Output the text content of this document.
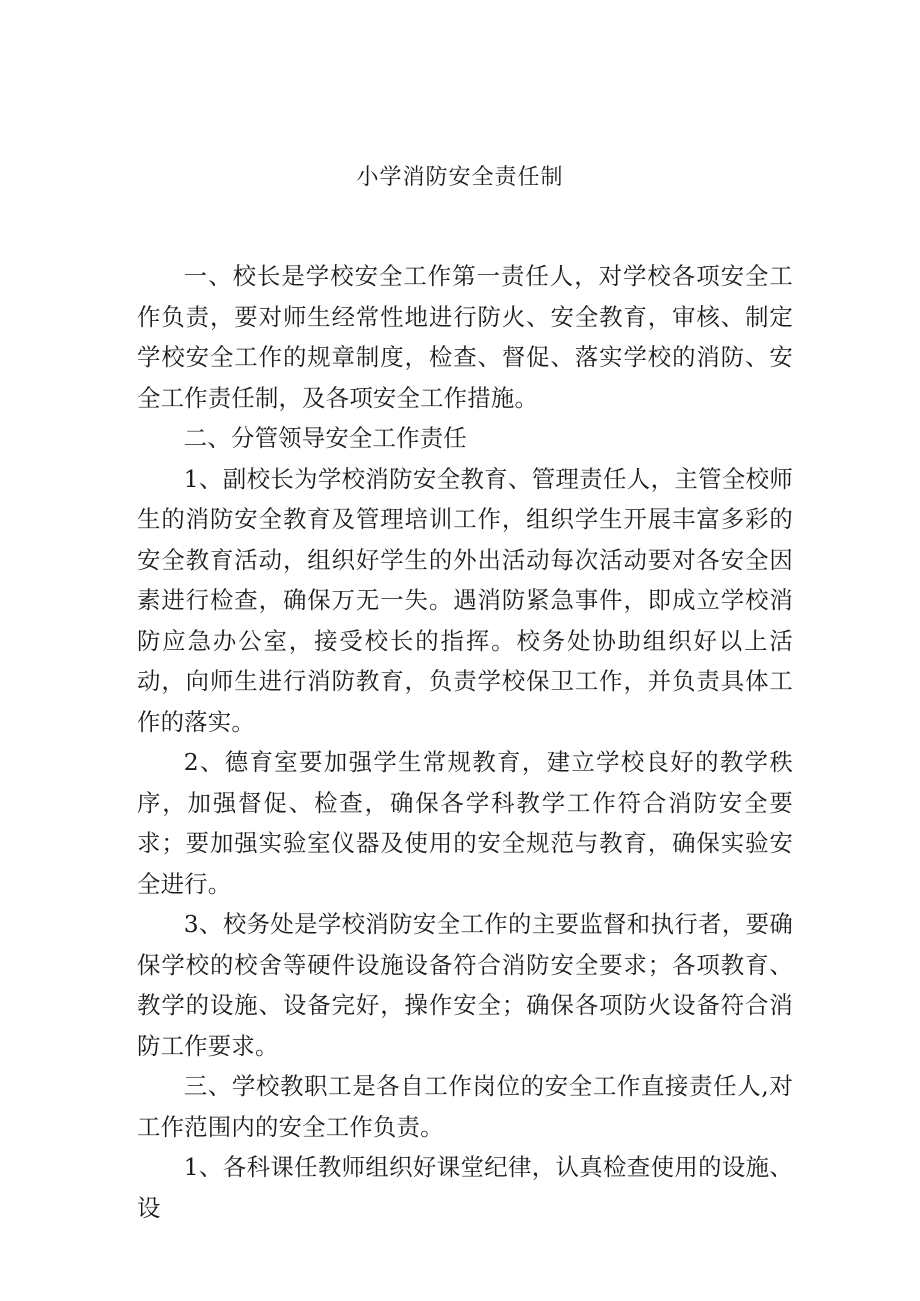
小学消防安全责任制

一、校长是学校安全工作第一责任人，对学校各项安全工作负责，要对师生经常性地进行防火、安全教育，审核、制定学校安全工作的规章制度，检查、督促、落实学校的消防、安全工作责任制，及各项安全工作措施。

二、分管领导安全工作责任

1、副校长为学校消防安全教育、管理责任人，主管全校师生的消防安全教育及管理培训工作，组织学生开展丰富多彩的安全教育活动，组织好学生的外出活动每次活动要对各安全因素进行检查，确保万无一失。遇消防紧急事件，即成立学校消防应急办公室，接受校长的指挥。校务处协助组织好以上活动，向师生进行消防教育，负责学校保卫工作，并负责具体工作的落实。

2、德育室要加强学生常规教育，建立学校良好的教学秩序，加强督促、检查，确保各学科教学工作符合消防安全要求；要加强实验室仪器及使用的安全规范与教育，确保实验安全进行。

3、校务处是学校消防安全工作的主要监督和执行者，要确保学校的校舍等硬件设施设备符合消防安全要求；各项教育、教学的设施、设备完好，操作安全；确保各项防火设备符合消防工作要求。

三、学校教职工是各自工作岗位的安全工作直接责任人,对工作范围内的安全工作负责。

1、各科课任教师组织好课堂纪律，认真检查使用的设施、设
